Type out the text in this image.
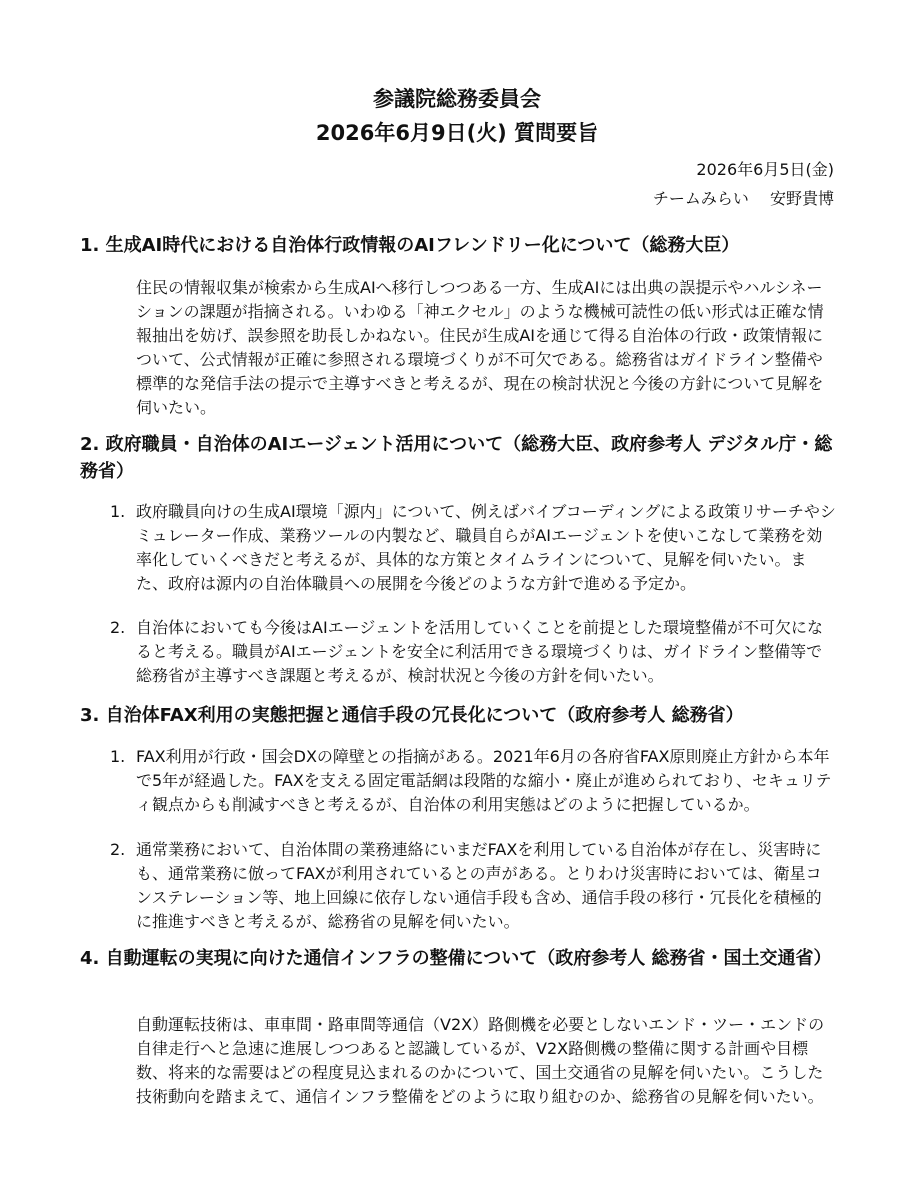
参議院総務委員会

2026年6月9日(火) 質問要旨

2026年6月5日(金)

チームみらい　 安野貴博

1. 生成AI時代における自治体行政情報のAIフレンドリー化について（総務大臣）

住民の情報収集が検索から生成AIへ移行しつつある一方、生成AIには出典の誤提示やハルシネーションの課題が指摘される。いわゆる「神エクセル」のような機械可読性の低い形式は正確な情報抽出を妨げ、誤参照を助長しかねない。住民が生成AIを通じて得る自治体の行政・政策情報について、公式情報が正確に参照される環境づくりが不可欠である。総務省はガイドライン整備や標準的な発信手法の提示で主導すべきと考えるが、現在の検討状況と今後の方針について見解を伺いたい。

2. 政府職員・自治体のAIエージェント活用について（総務大臣、政府参考人 デジタル庁・総務省）

1. 政府職員向けの生成AI環境「源内」について、例えばバイブコーディングによる政策リサーチやシミュレーター作成、業務ツールの内製など、職員自らがAIエージェントを使いこなして業務を効率化していくべきだと考えるが、具体的な方策とタイムラインについて、見解を伺いたい。また、政府は源内の自治体職員への展開を今後どのような方針で進める予定か。
2. 自治体においても今後はAIエージェントを活用していくことを前提とした環境整備が不可欠になると考える。職員がAIエージェントを安全に利活用できる環境づくりは、ガイドライン整備等で総務省が主導すべき課題と考えるが、検討状況と今後の方針を伺いたい。

3. 自治体FAX利用の実態把握と通信手段の冗長化について（政府参考人 総務省）

1. FAX利用が行政・国会DXの障壁との指摘がある。2021年6月の各府省FAX原則廃止方針から本年で5年が経過した。FAXを支える固定電話網は段階的な縮小・廃止が進められており、セキュリティ観点からも削減すべきと考えるが、自治体の利用実態はどのように把握しているか。
2. 通常業務において、自治体間の業務連絡にいまだFAXを利用している自治体が存在し、災害時にも、通常業務に倣ってFAXが利用されているとの声がある。とりわけ災害時においては、衛星コンステレーション等、地上回線に依存しない通信手段も含め、通信手段の移行・冗長化を積極的に推進すべきと考えるが、総務省の見解を伺いたい。

4. 自動運転の実現に向けた通信インフラの整備について（政府参考人 総務省・国土交通省）

自動運転技術は、車車間・路車間等通信（V2X）路側機を必要としないエンド・ツー・エンドの自律走行へと急速に進展しつつあると認識しているが、V2X路側機の整備に関する計画や目標数、将来的な需要はどの程度見込まれるのかについて、国土交通省の見解を伺いたい。こうした技術動向を踏まえて、通信インフラ整備をどのように取り組むのか、総務省の見解を伺いたい。
